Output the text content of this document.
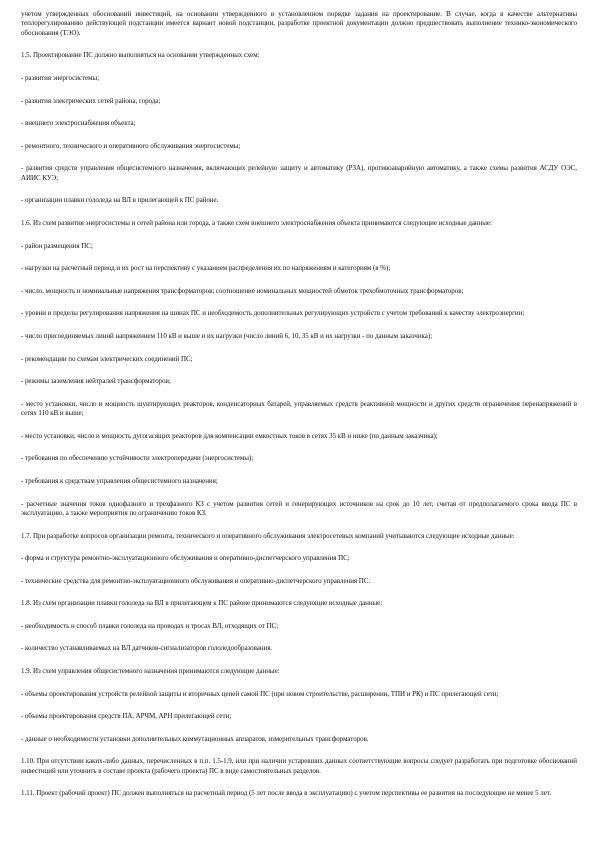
учетом утвержденных обоснований инвестиций, на основании утвержденного в установленном порядке задания на проектирование. В случае, когда в качестве альтернативы теплорегулированию действующей подстанции имеется вариант новой подстанции, разработке проектной документации должно предшествовать выполнение технико-экономического обоснования (ТЭО).

1.5. Проектирование ПС должно выполняться на основании утвержденных схем:

- развития энергосистемы;

- развития электрических сетей района, города;

- внешнего электроснабжения объекта;

- ремонтного, технического и оперативного обслуживания энергосистемы;

- развития средств управления общесистемного назначения, включающих релейную защиту и автоматику (РЗА), противоаварийную автоматику, а также схемы развития АСДУ ОЭС, АИИС КУЭ;

- организации плавки гололеда на ВЛ в прилегающей к ПС районе.

1.6. Из схем развития энергосистемы и сетей района или города, а также схем внешнего электроснабжения объекта принимаются следующие исходные данные:

- район размещения ПС;

- нагрузки на расчетный период и их рост на перспективу с указанием распределения их по напряжениям и категориям (в %);

- число, мощность и номинальные напряжения трансформаторов; соотношение номинальных мощностей обмоток трехобмоточных трансформаторов;

- уровни и пределы регулирования напряжения на шинах ПС и необходимость дополнительных регулирующих устройств с учетом требований к качеству электроэнергии;

- число присоединяемых линий напряжением 110 кВ и выше и их нагрузки (число линий 6, 10, 35 кВ и их нагрузки - по данным заказчика);

- рекомендации по схемам электрических соединений ПС;

- режимы заземления нейтралей трансформаторов;

- место установки, число и мощность шунтирующих реакторов, конденсаторных батарей, управляемых средств реактивной мощности и других средств ограничения перенапряжений в сетях 110 кВ и выше;

- место установки, число и мощность дугогасящих реакторов для компенсации емкостных токов в сетях 35 кВ и ниже (по данным заказчика);

- требования по обеспечению устойчивости электропередачи (энергосистемы);

- требования к средствам управления общесистемного назначения;

- расчетные значения токов однофазного и трехфазного КЗ с учетом развития сетей и генерирующих источников на срок до 10 лет, считая от предполагаемого срока ввода ПС в эксплуатацию, а также мероприятия по ограничению токов КЗ.

1.7. При разработке вопросов организации ремонта, технического и оперативного обслуживания электросетевых компаний учитываются следующие исходные данные:

- форма и структура ремонтно-эксплуатационного обслуживания и оперативно-диспетчерского управления ПС;

- технические средства для ремонтно-эксплуатационного обслуживания и оперативно-диспетчерского управления ПС.

1.8. Из схем организации плавки гололеда на ВЛ в прилегающем к ПС районе принимаются следующие исходные данные:

- необходимость и способ плавки гололеда на проводах и тросах ВЛ, отходящих от ПС;

- количество устанавливаемых на ВЛ датчиков-сигнализаторов гололедообразования.

1.9. Из схем управления общесистемного назначения принимаются следующие данные:

- объемы проектирования устройств релейной защиты и вторичных цепей самой ПС (при новом строительстве, расширении, ТПИ и РК) и ПС прилегающей сети;

- объемы проектирования средств ПА, АРЧМ, АРН прилегающей сети;

- данные о необходимости установки дополнительных коммутационных аппаратов, измерительных трансформаторов.

1.10. При отсутствии каких-либо данных, перечисленных в п.п. 1.5-1.9, или при наличии устаревших данных соответствующие вопросы следует разработать при подготовке обоснований инвестиций или уточнить в составе проекта (рабочего проекта) ПС в виде самостоятельных разделов.

1.11. Проект (рабочий проект) ПС должен выполняться на расчетный период (5 лет после ввода в эксплуатацию) с учетом перспективы ее развития на последующие не менее 5 лет.
